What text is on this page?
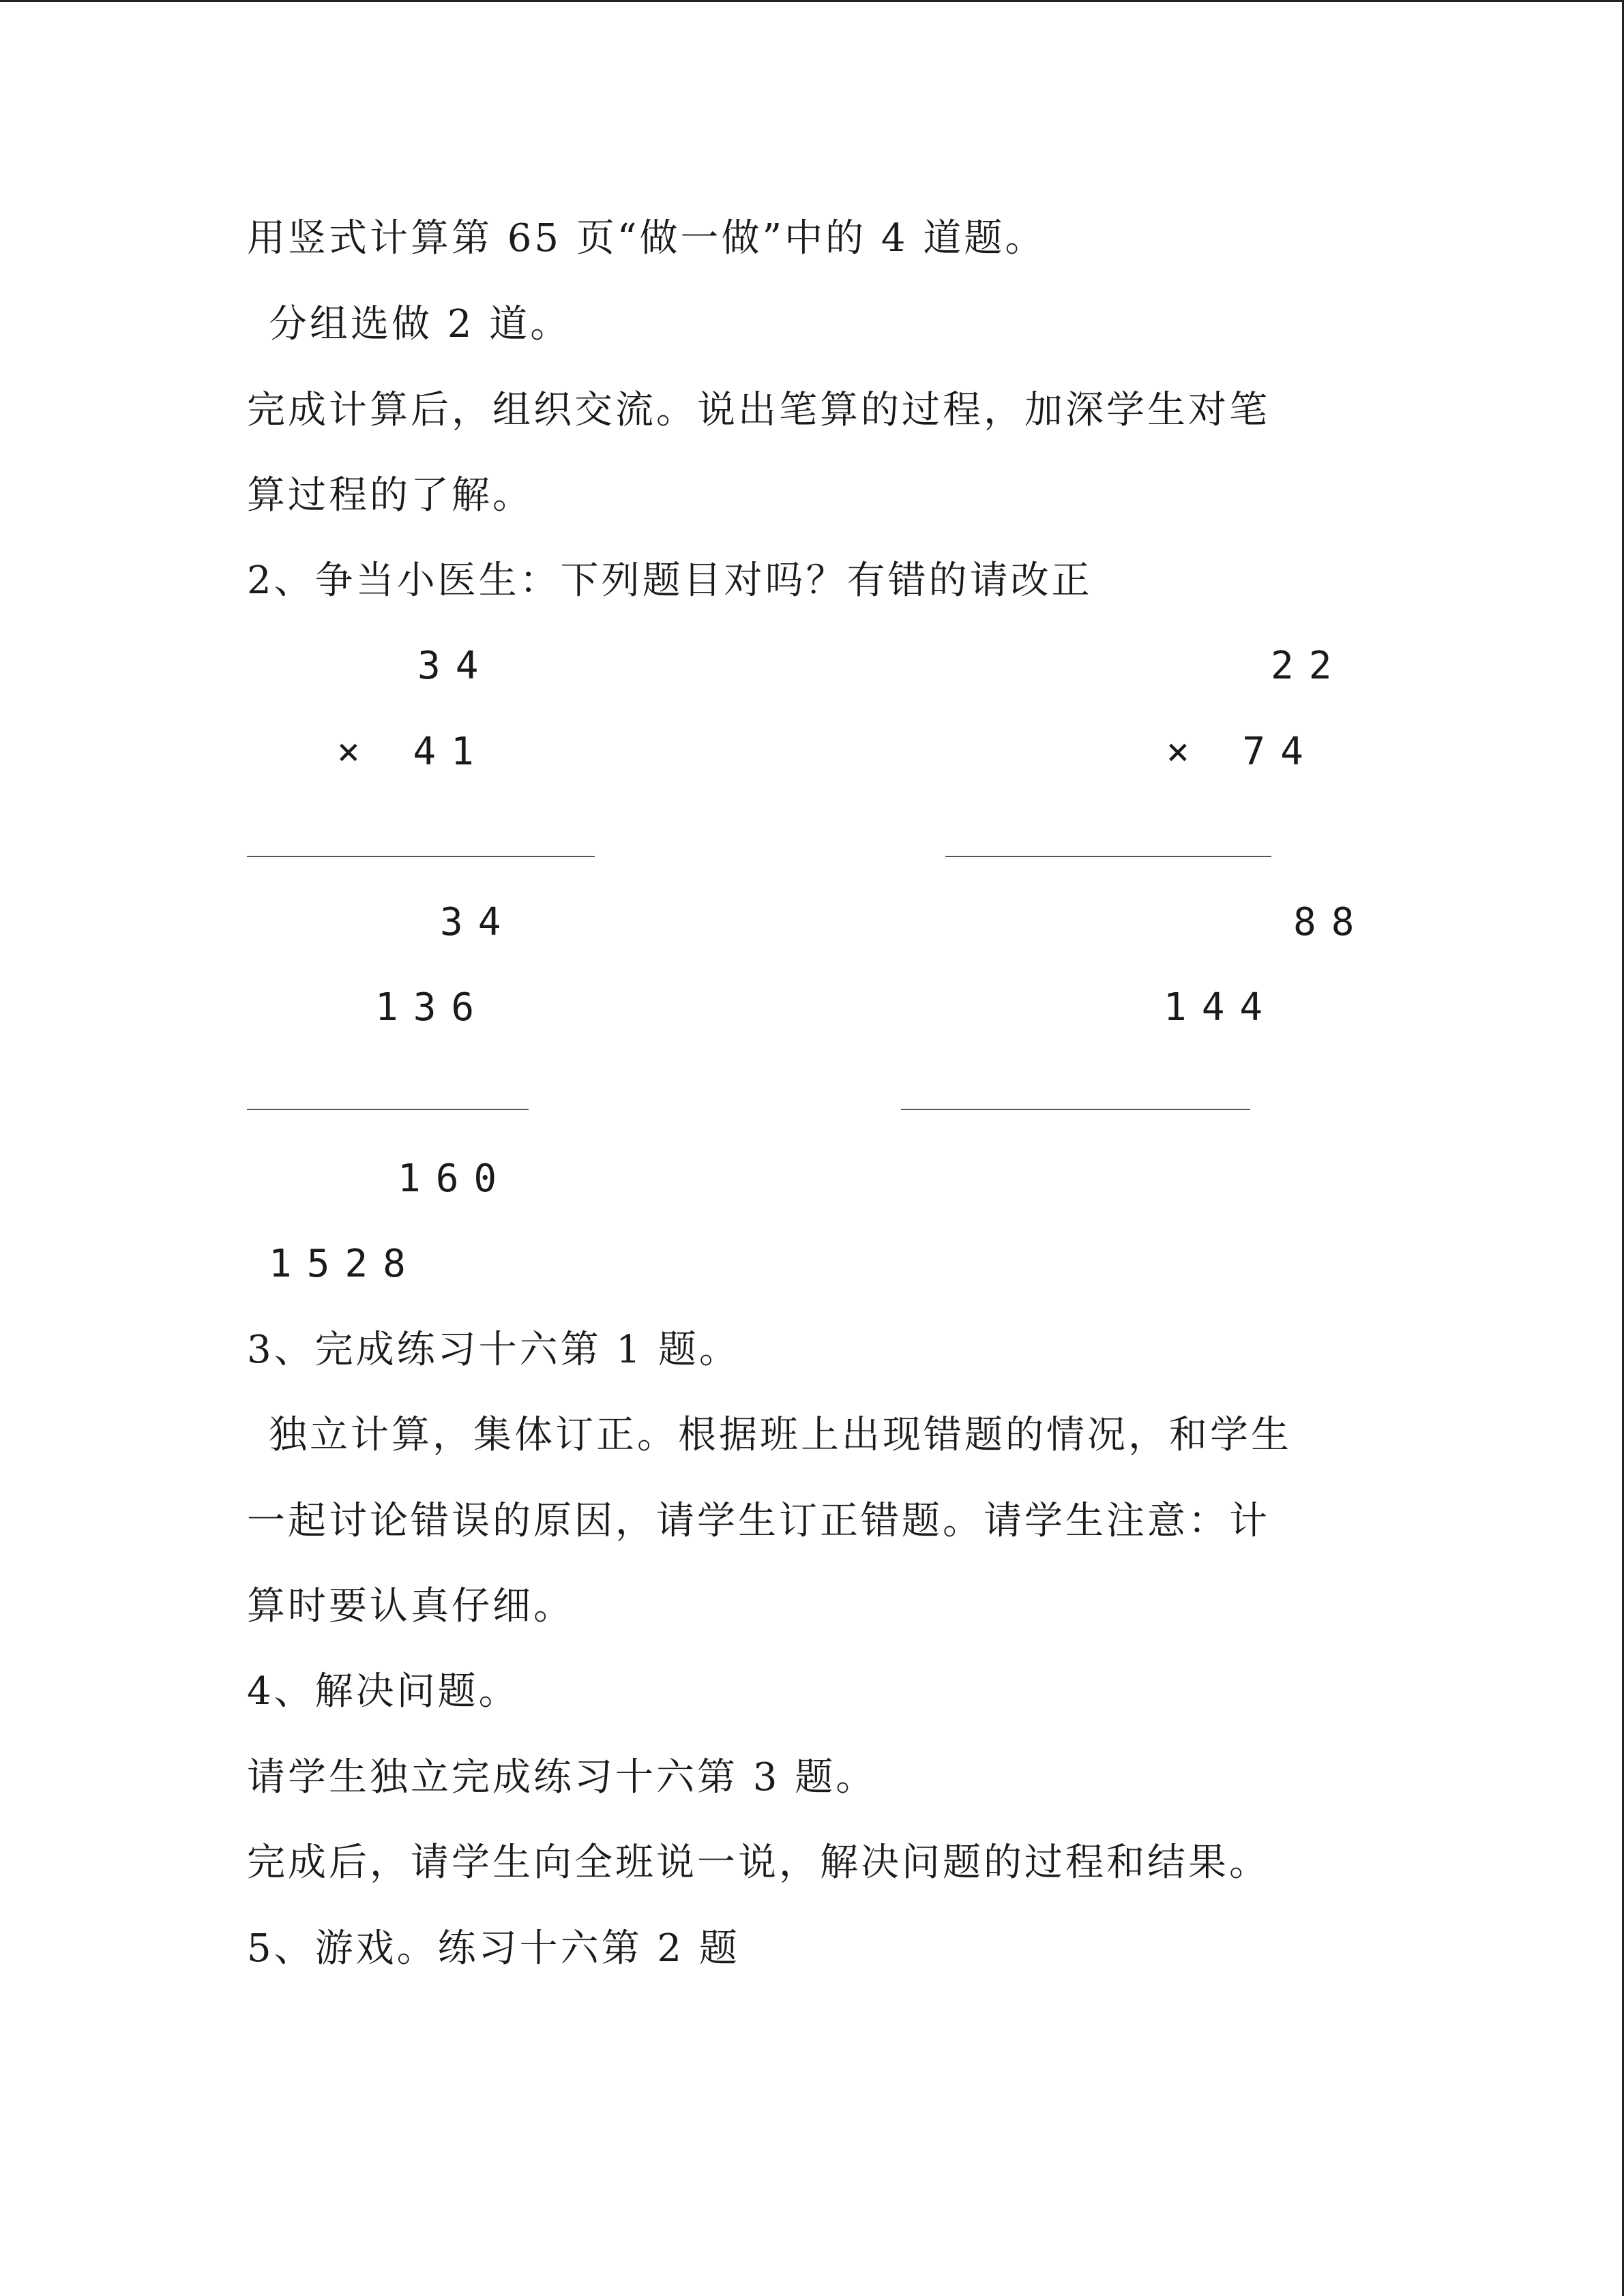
用竖式计算第 65 页“做一做”中的 4 道题。
分组选做 2 道。
完成计算后，组织交流。说出笔算的过程，加深学生对笔
算过程的了解。
2、争当小医生：下列题目对吗？有错的请改正
34
× 41
34
136
160
1528
22
× 74
88
144
3、完成练习十六第 1 题。
独立计算，集体订正。根据班上出现错题的情况，和学生
一起讨论错误的原因，请学生订正错题。请学生注意：计
算时要认真仔细。
4、解决问题。
请学生独立完成练习十六第 3 题。
完成后，请学生向全班说一说，解决问题的过程和结果。
5、游戏。练习十六第 2 题
